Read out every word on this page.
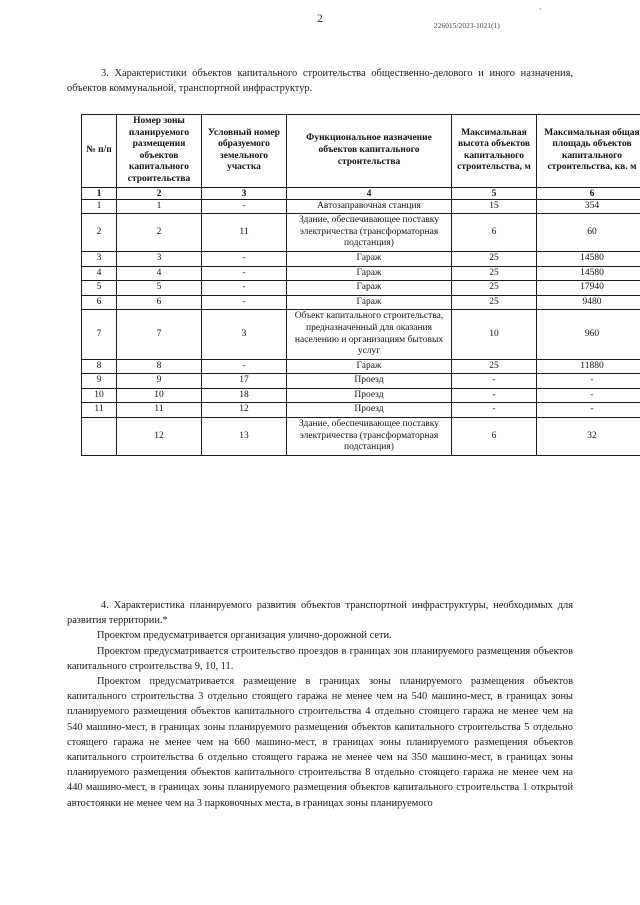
2
ˋ
226015/2023-1021(1)

3. Характеристики объектов капитального строительства общественно-делового и иного назначения, объектов коммунальной, транспортной инфраструктур.

№ п/п	Номер зоны планируемого размещения объектов капитального строительства	Условный номер образуемого земельного участка	Функциональное назначение объектов капитального строительства	Максимальная высота объектов капитального строительства, м	Максимальная общая площадь объектов капитального строительства, кв. м
1	2	3	4	5	6
1	1	-	Автозаправочная станция	15	354
2	2	11	Здание, обеспечивающее поставку электричества (трансформаторная подстанция)	6	60
3	3	-	Гараж	25	14580
4	4	-	Гараж	25	14580
5	5	-	Гараж	25	17940
6	6	-	Гараж	25	9480
7	7	3	Объект капитального строительства, предназначенный для оказания населению и организациям бытовых услуг	10	960
8	8	-	Гараж	25	11880
9	9	17	Проезд	-	-
10	10	18	Проезд	-	-
11	11	12	Проезд	-	-
	12	13	Здание, обеспечивающее поставку электричества (трансформаторная подстанция)	6	32

4. Характеристика планируемого развития объектов транспортной инфраструктуры, необходимых для развития территории.*

Проектом предусматривается организация улично-дорожной сети.

Проектом предусматривается строительство проездов в границах зон планируемого размещения объектов капитального строительства 9, 10, 11.

Проектом предусматривается размещение в границах зоны планируемого размещения объектов капитального строительства 3 отдельно стоящего гаража не менее чем на 540 машино-мест, в границах зоны планируемого размещения объектов капитального строительства 4 отдельно стоящего гаража не менее чем на 540 машино-мест, в границах зоны планируемого размещения объектов капитального строительства 5 отдельно стоящего гаража не менее чем на 660 машино-мест, в границах зоны планируемого размещения объектов капитального строительства 6 отдельно стоящего гаража не менее чем на 350 машино-мест, в границах зоны планируемого размещения объектов капитального строительства 8 отдельно стоящего гаража не менее чем на 440 машино-мест, в границах зоны планируемого размещения объектов капитального строительства 1 открытой автостоянки не менее чем на 3 парковочных места, в границах зоны планируемого
